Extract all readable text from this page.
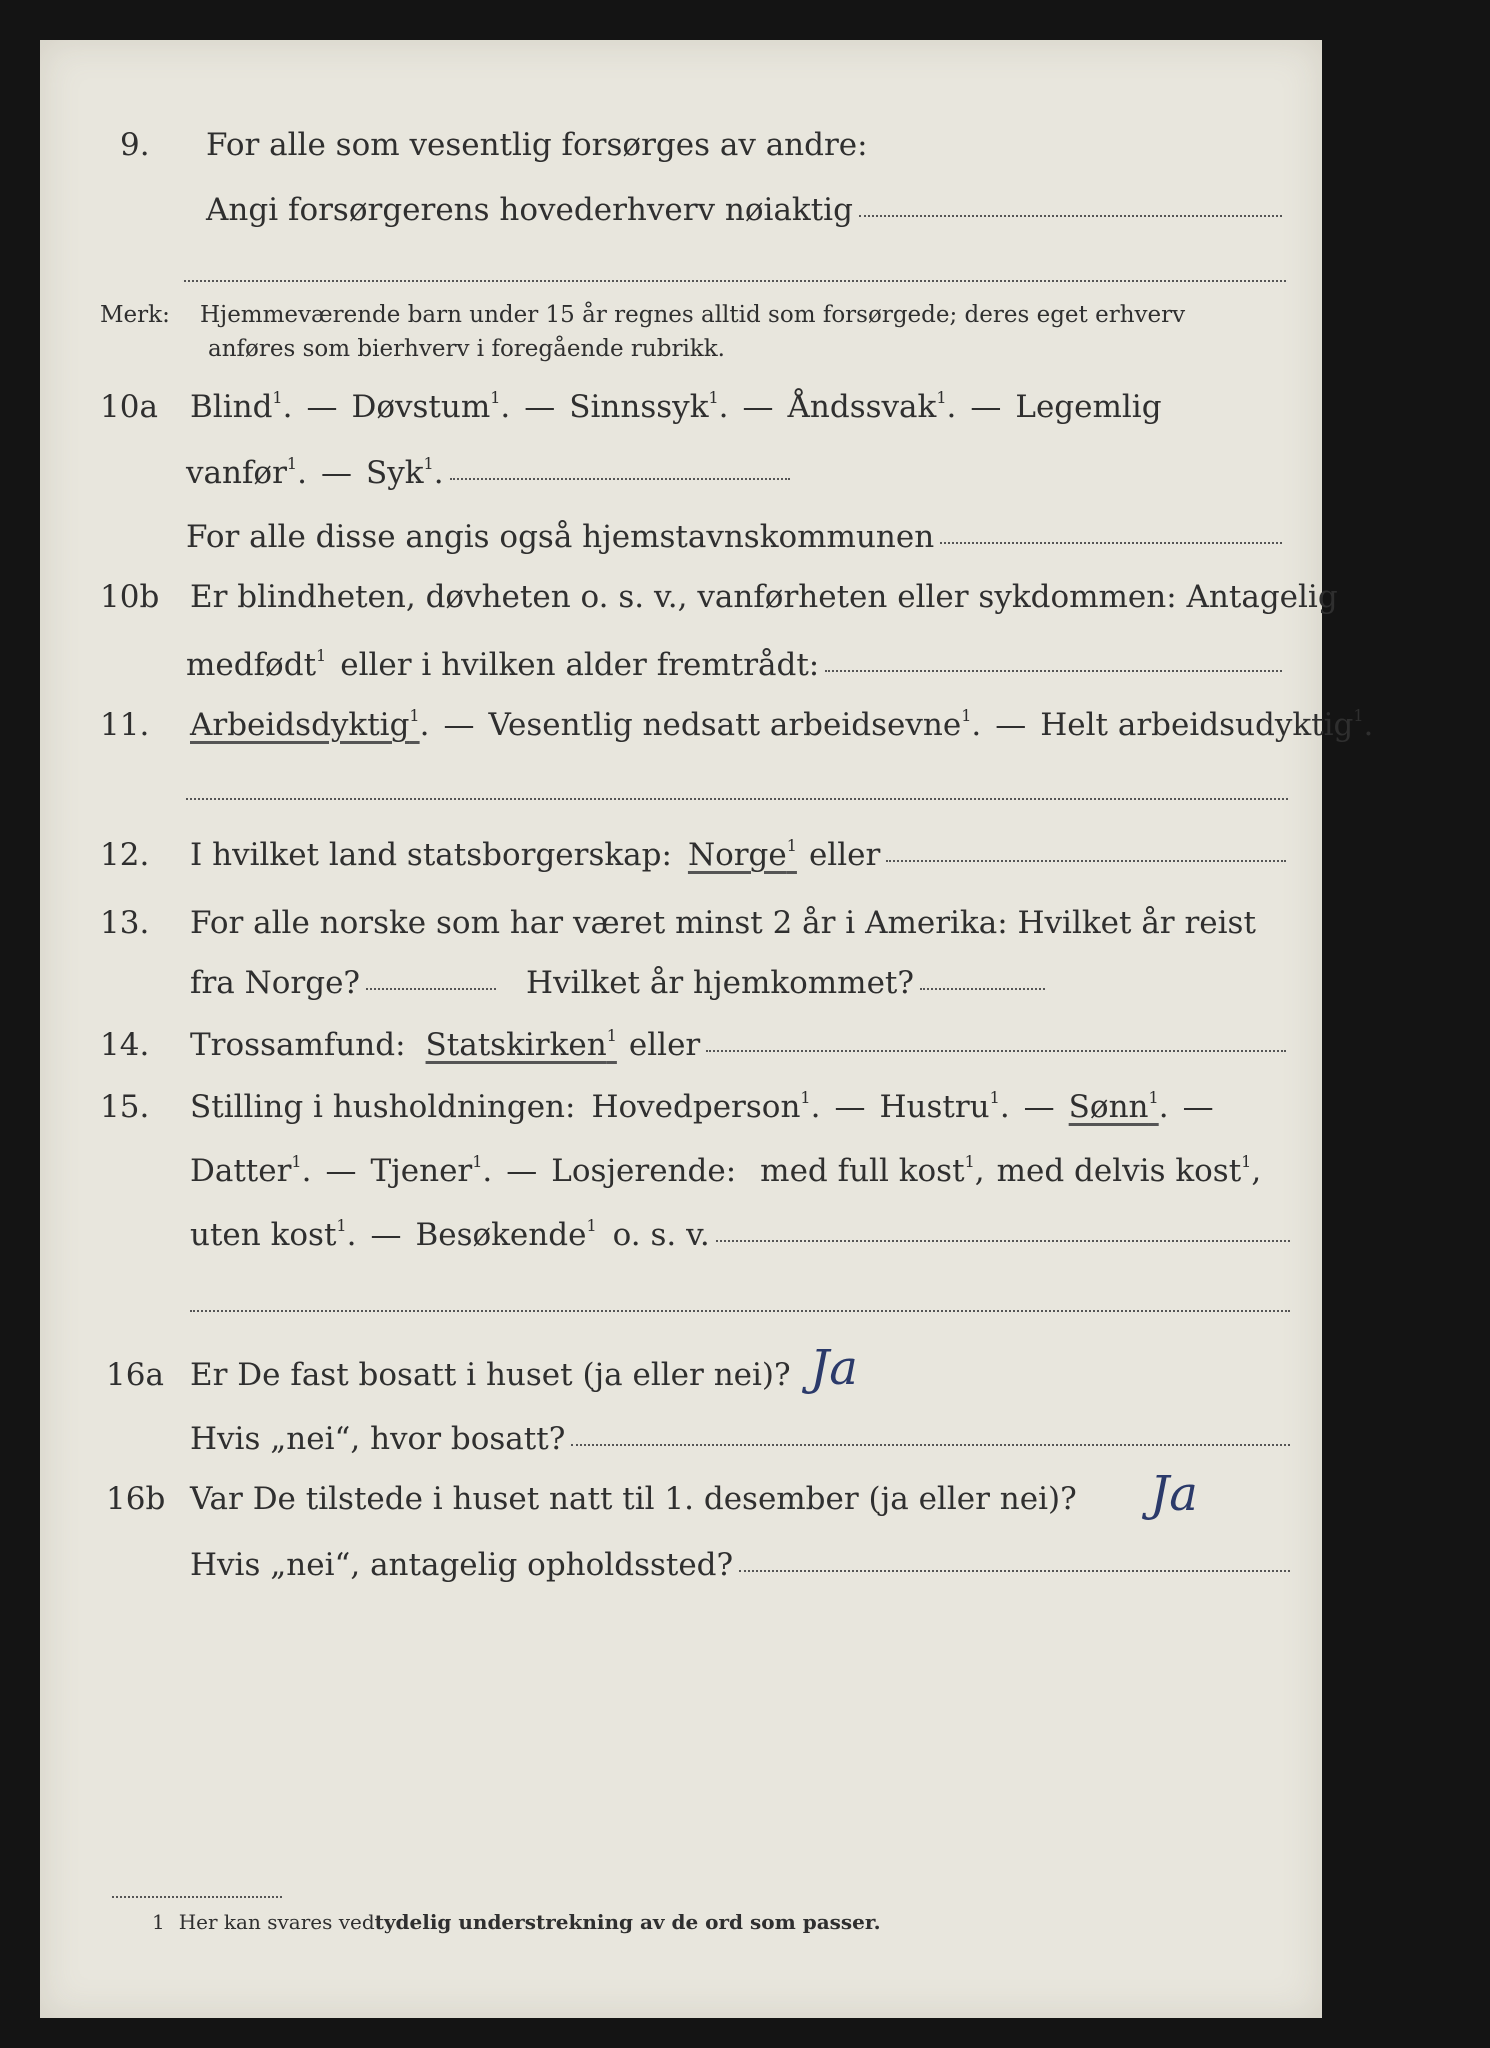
9.	For alle som vesentlig forsørges av andre:
Angi forsørgerens hovederhverv nøiaktig
Merk:	Hjemmeværende barn under 15 år regnes alltid som forsørgede; deres eget erhverv
anføres som bierhverv i foregående rubrikk.
10a	Blind$^1$. — Døvstum$^1$. — Sinnssyk$^1$. — Åndssvak$^1$. — Legemlig
vanfør$^1$. — Syk$^1$.
For alle disse angis også hjemstavnskommunen
10b Er blindheten, døvheten o. s. v., vanførheten eller sykdommen: Antagelig
medfødt$^1$ eller i hvilken alder fremtrådt:
11.	Arbeidsdyktig$^1$ . — Vesentlig nedsatt arbeidsevne$^1$. — Helt arbeidsudyktig$^1$.
12.	I hvilket land statsborgerskap: Norge$^1$ eller
13.	For alle norske som har været minst 2 år i Amerika: Hvilket år reist
fra Norge?	Hvilket år hjemkommet?
14.	Trossamfund: Statskirken$^1$ eller
15.	Stilling i husholdningen: Hovedperson$^1$. — Hustru$^1$. — Sønn$^1$ . —
Datter$^1$. — Tjener$^1$. — Losjerende: med full kost$^1$, med delvis kost$^1$,
uten kost$^1$. — Besøkende$^1$ o. s. v.
16a Er De fast bosatt i huset (ja eller nei)? Ja
Hvis „nei“, hvor bosatt?
16b Var De tilstede i huset natt til 1. desember (ja eller nei)? Ja
Hvis „nei“, antagelig opholdssted?
1 Her kan svares ved tydelig understrekning av de ord som passer.
